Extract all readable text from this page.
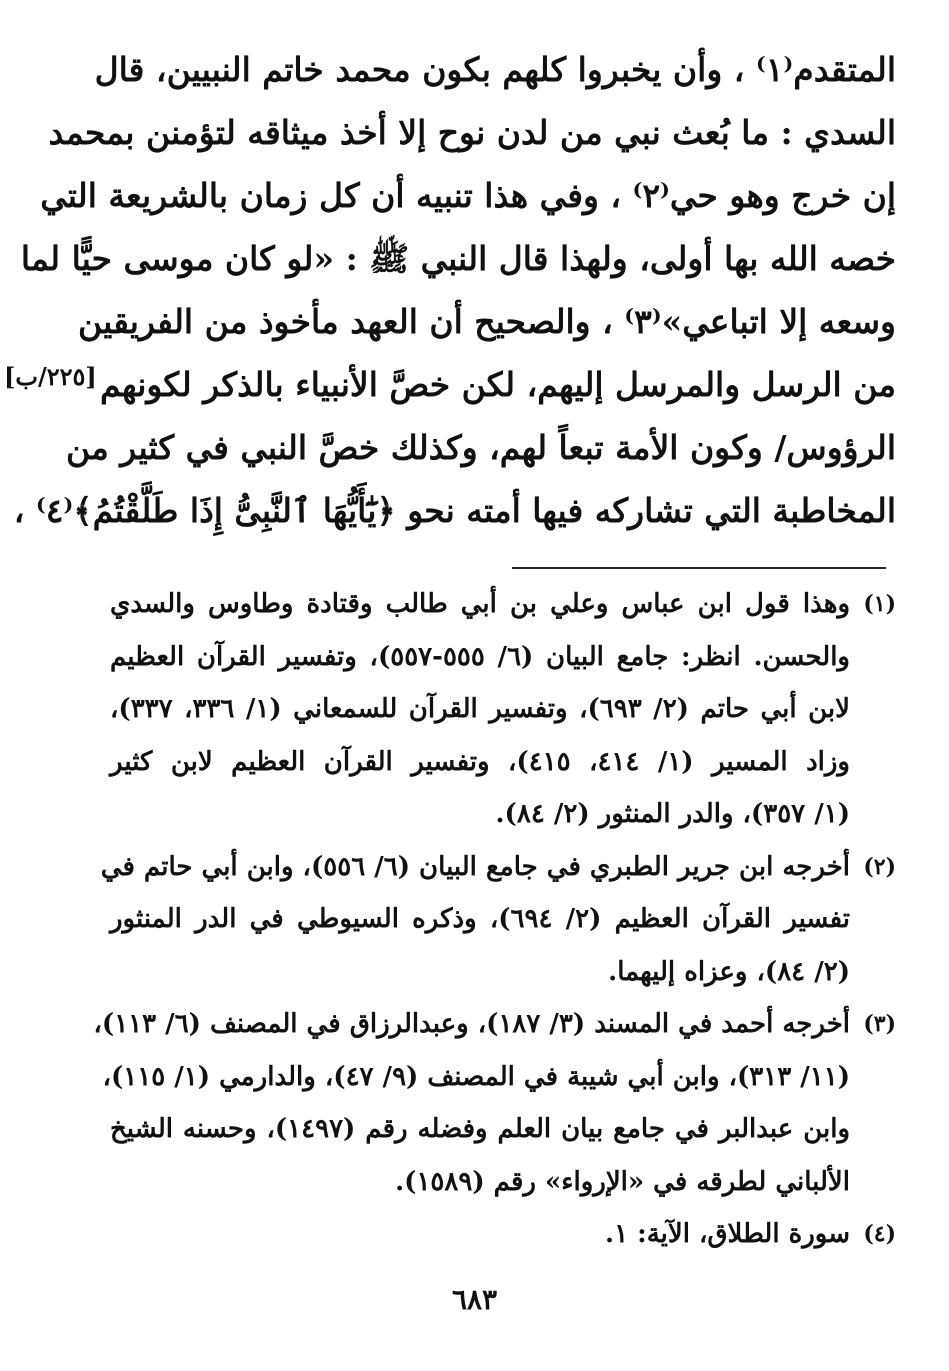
المتقدم⁽١⁾ ، وأن يخبروا كلهم بكون محمد خاتم النبيين، قال
السدي : ما بُعث نبي من لدن نوح إلا أخذ ميثاقه لتؤمنن بمحمد
إن خرج وهو حي⁽٢⁾ ، وفي هذا تنبيه أن كل زمان بالشريعة التي
خصه الله بها أولى، ولهذا قال النبي ﷺ : «لو كان موسى حيًّا لما
وسعه إلا اتباعي»⁽٣⁾ ، والصحيح أن العهد مأخوذ من الفريقين
من الرسل والمرسل إليهم، لكن خصَّ الأنبياء بالذكر لكونهم
الرؤوس/ وكون الأمة تبعاً لهم، وكذلك خصَّ النبي في كثير من
المخاطبة التي تشاركه فيها أمته نحو ﴿يَٰٓأَيُّهَا ٱلنَّبِىُّ إِذَا طَلَّقْتُمُ﴾⁽٤⁾ ،
[٢٢٥/ب]
(١)
وهذا قول ابن عباس وعلي بن أبي طالب وقتادة وطاوس والسدي
والحسن. انظر: جامع البيان (٦/ ٥٥٥-٥٥٧)، وتفسير القرآن العظيم
لابن أبي حاتم (٢/ ٦٩٣)، وتفسير القرآن للسمعاني (١/ ٣٣٦، ٣٣٧)،
وزاد المسير (١/ ٤١٤، ٤١٥)، وتفسير القرآن العظيم لابن كثير
(١/ ٣٥٧)، والدر المنثور (٢/ ٨٤).
(٢)
أخرجه ابن جرير الطبري في جامع البيان (٦/ ٥٥٦)، وابن أبي حاتم في
تفسير القرآن العظيم (٢/ ٦٩٤)، وذكره السيوطي في الدر المنثور
(٢/ ٨٤)، وعزاه إليهما.
(٣)
أخرجه أحمد في المسند (٣/ ١٨٧)، وعبدالرزاق في المصنف (٦/ ١١٣)،
(١١/ ٣١٣)، وابن أبي شيبة في المصنف (٩/ ٤٧)، والدارمي (١/ ١١٥)،
وابن عبدالبر في جامع بيان العلم وفضله رقم (١٤٩٧)، وحسنه الشيخ
الألباني لطرقه في «الإرواء» رقم (١٥٨٩).
(٤)
سورة الطلاق، الآية: ١.
٦٨٣
